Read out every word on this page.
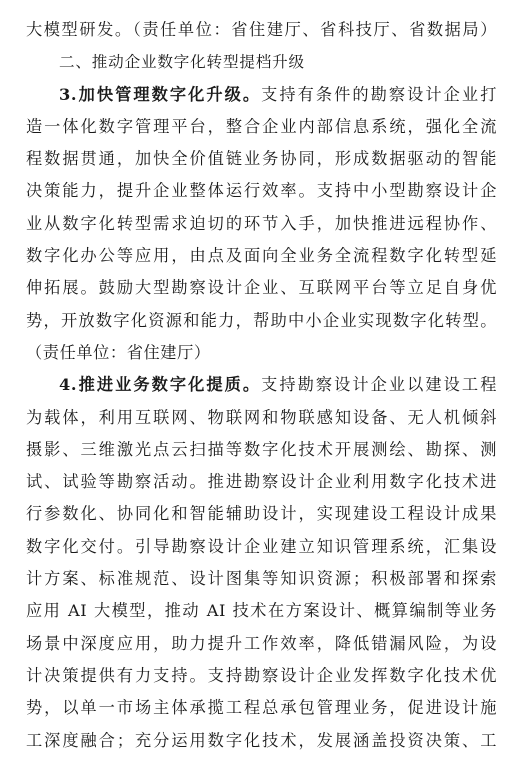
大模型研发。（责任单位：省住建厅、省科技厅、省数据局）
二、推动企业数字化转型提档升级
3.加快管理数字化升级。支持有条件的勘察设计企业打
造一体化数字管理平台，整合企业内部信息系统，强化全流
程数据贯通，加快全价值链业务协同，形成数据驱动的智能
决策能力，提升企业整体运行效率。支持中小型勘察设计企
业从数字化转型需求迫切的环节入手，加快推进远程协作、
数字化办公等应用，由点及面向全业务全流程数字化转型延
伸拓展。鼓励大型勘察设计企业、互联网平台等立足自身优
势，开放数字化资源和能力，帮助中小企业实现数字化转型。
（责任单位：省住建厅）
4.推进业务数字化提质。支持勘察设计企业以建设工程
为载体，利用互联网、物联网和物联感知设备、无人机倾斜
摄影、三维激光点云扫描等数字化技术开展测绘、勘探、测
试、试验等勘察活动。推进勘察设计企业利用数字化技术进
行参数化、协同化和智能辅助设计，实现建设工程设计成果
数字化交付。引导勘察设计企业建立知识管理系统，汇集设
计方案、标准规范、设计图集等知识资源；积极部署和探索
应用 AI 大模型，推动 AI 技术在方案设计、概算编制等业务
场景中深度应用，助力提升工作效率，降低错漏风险，为设
计决策提供有力支持。支持勘察设计企业发挥数字化技术优
势，以单一市场主体承揽工程总承包管理业务，促进设计施
工深度融合；充分运用数字化技术，发展涵盖投资决策、工
